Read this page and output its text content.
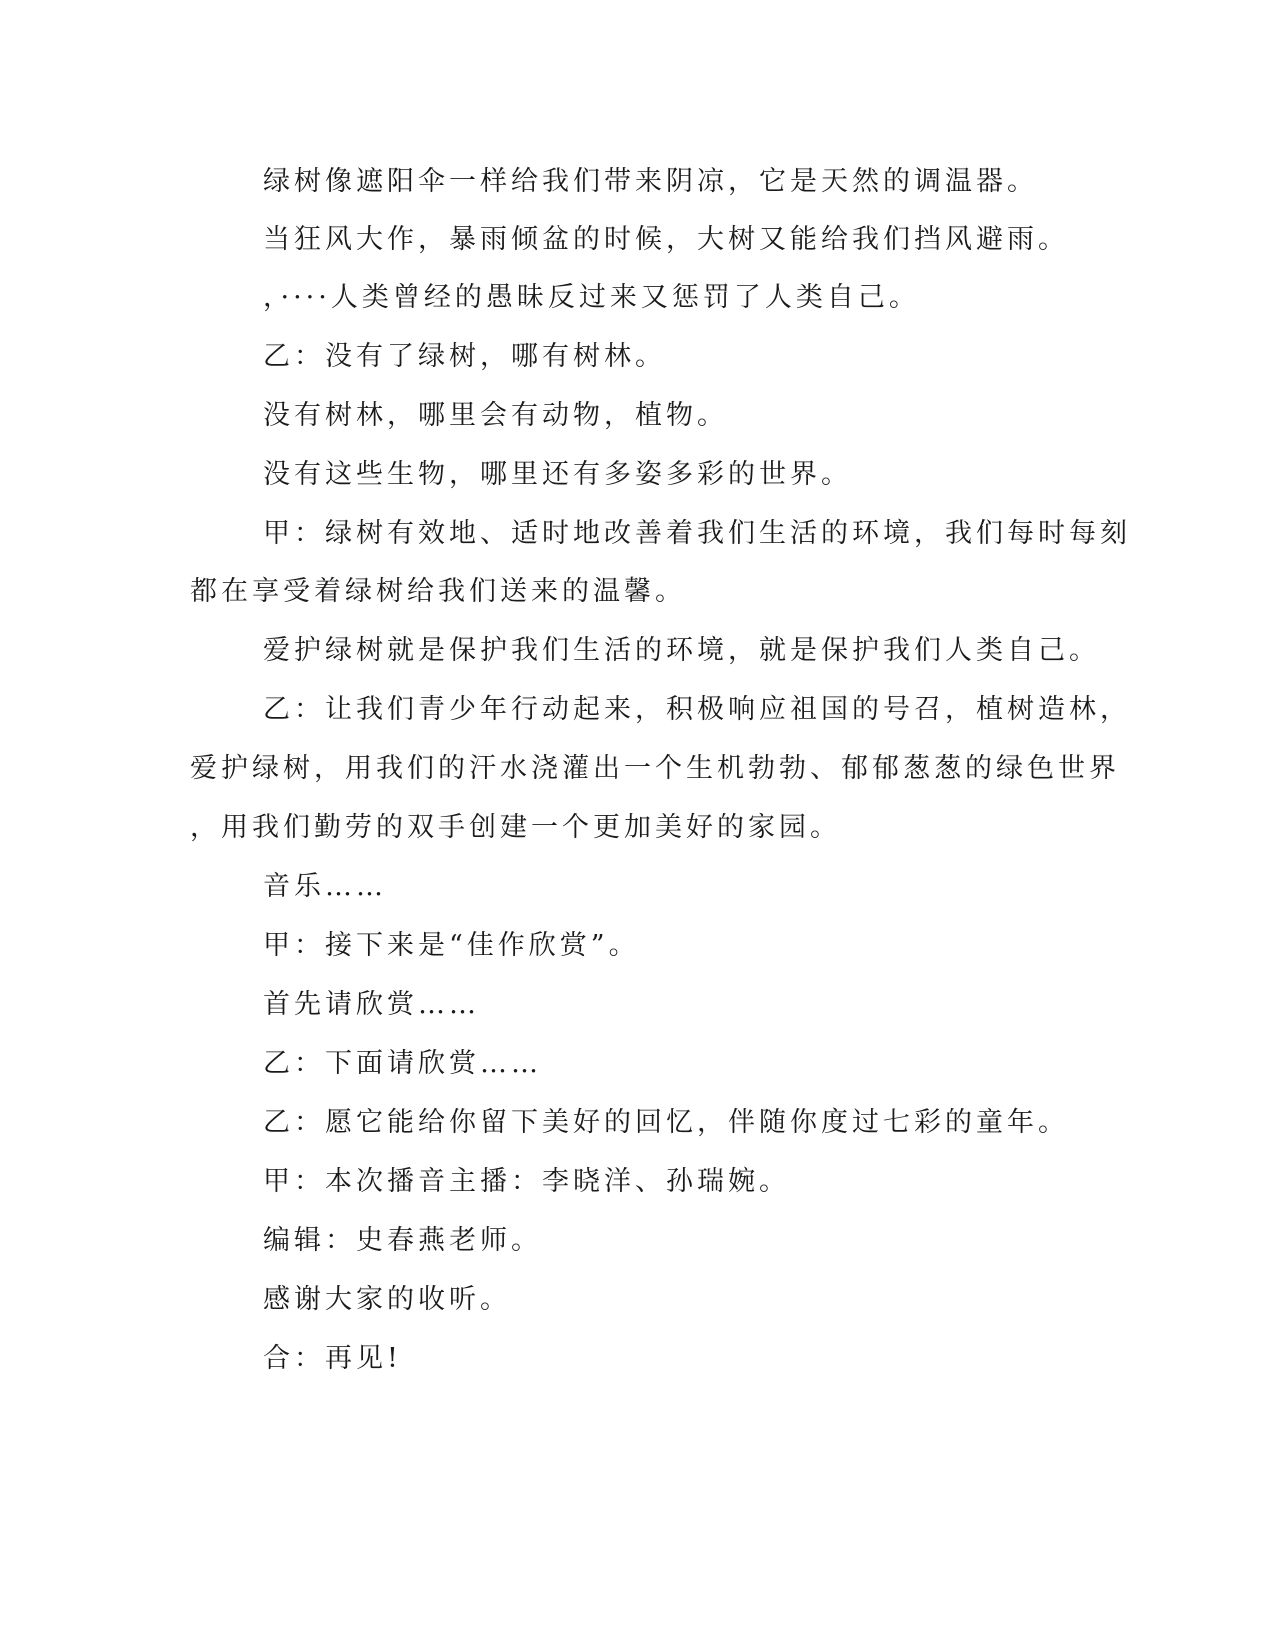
绿树像遮阳伞一样给我们带来阴凉，它是天然的调温器。
当狂风大作，暴雨倾盆的时候，大树又能给我们挡风避雨。
，····人类曾经的愚昧反过来又惩罚了人类自己。
乙：没有了绿树，哪有树林。
没有树林，哪里会有动物，植物。
没有这些生物，哪里还有多姿多彩的世界。
甲：绿树有效地、适时地改善着我们生活的环境，我们每时每刻
都在享受着绿树给我们送来的温馨。
爱护绿树就是保护我们生活的环境，就是保护我们人类自己。
乙：让我们青少年行动起来，积极响应祖国的号召，植树造林，
爱护绿树，用我们的汗水浇灌出一个生机勃勃、郁郁葱葱的绿色世界
，用我们勤劳的双手创建一个更加美好的家园。
音乐……
甲：接下来是“佳作欣赏”。
首先请欣赏……
乙：下面请欣赏……
乙：愿它能给你留下美好的回忆，伴随你度过七彩的童年。
甲：本次播音主播：李晓洋、孙瑞婉。
编辑：史春燕老师。
感谢大家的收听。
合：再见!
